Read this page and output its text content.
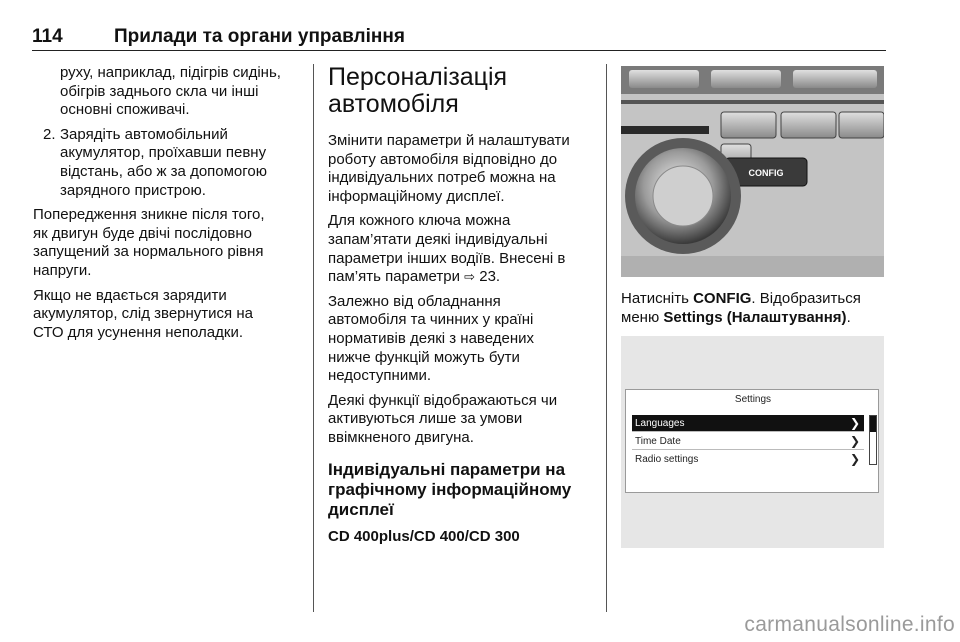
114	Прилади та органи управління

руху, наприклад, підігрів сидінь,
обігрів заднього скла чи інші
основні споживачі.

2. Зарядіть автомобільний
акумулятор, проїхавши певну
відстань, або ж за допомогою
зарядного пристрою.

Попередження зникне після того,
як двигун буде двічі послідовно
запущений за нормального рівня
напруги.

Якщо не вдається зарядити
акумулятор, слід звернутися на
СТО для усунення неполадки.

Персоналізація
автомобіля

Змінити параметри й налаштувати
роботу автомобіля відповідно до
індивідуальних потреб можна на
інформаційному дисплеї.

Для кожного ключа можна
запам’ятати деякі індивідуальні
параметри інших водіїв. Внесені в
пам’ять параметри ⇨ 23.

Залежно від обладнання
автомобіля та чинних у країні
нормативів деякі з наведених
нижче функцій можуть бути
недоступними.

Деякі функції відображаються чи
активуються лише за умови
ввімкненого двигуна.

Індивідуальні параметри на
графічному інформаційному
дисплеї

CD 400plus/CD 400/CD 300

CONFIG
Натисніть CONFIG. Відобразиться
меню Settings (Налаштування).
Settings
Languages	❯
Time Date	❯
Radio settings	❯
carmanualsonline.info
